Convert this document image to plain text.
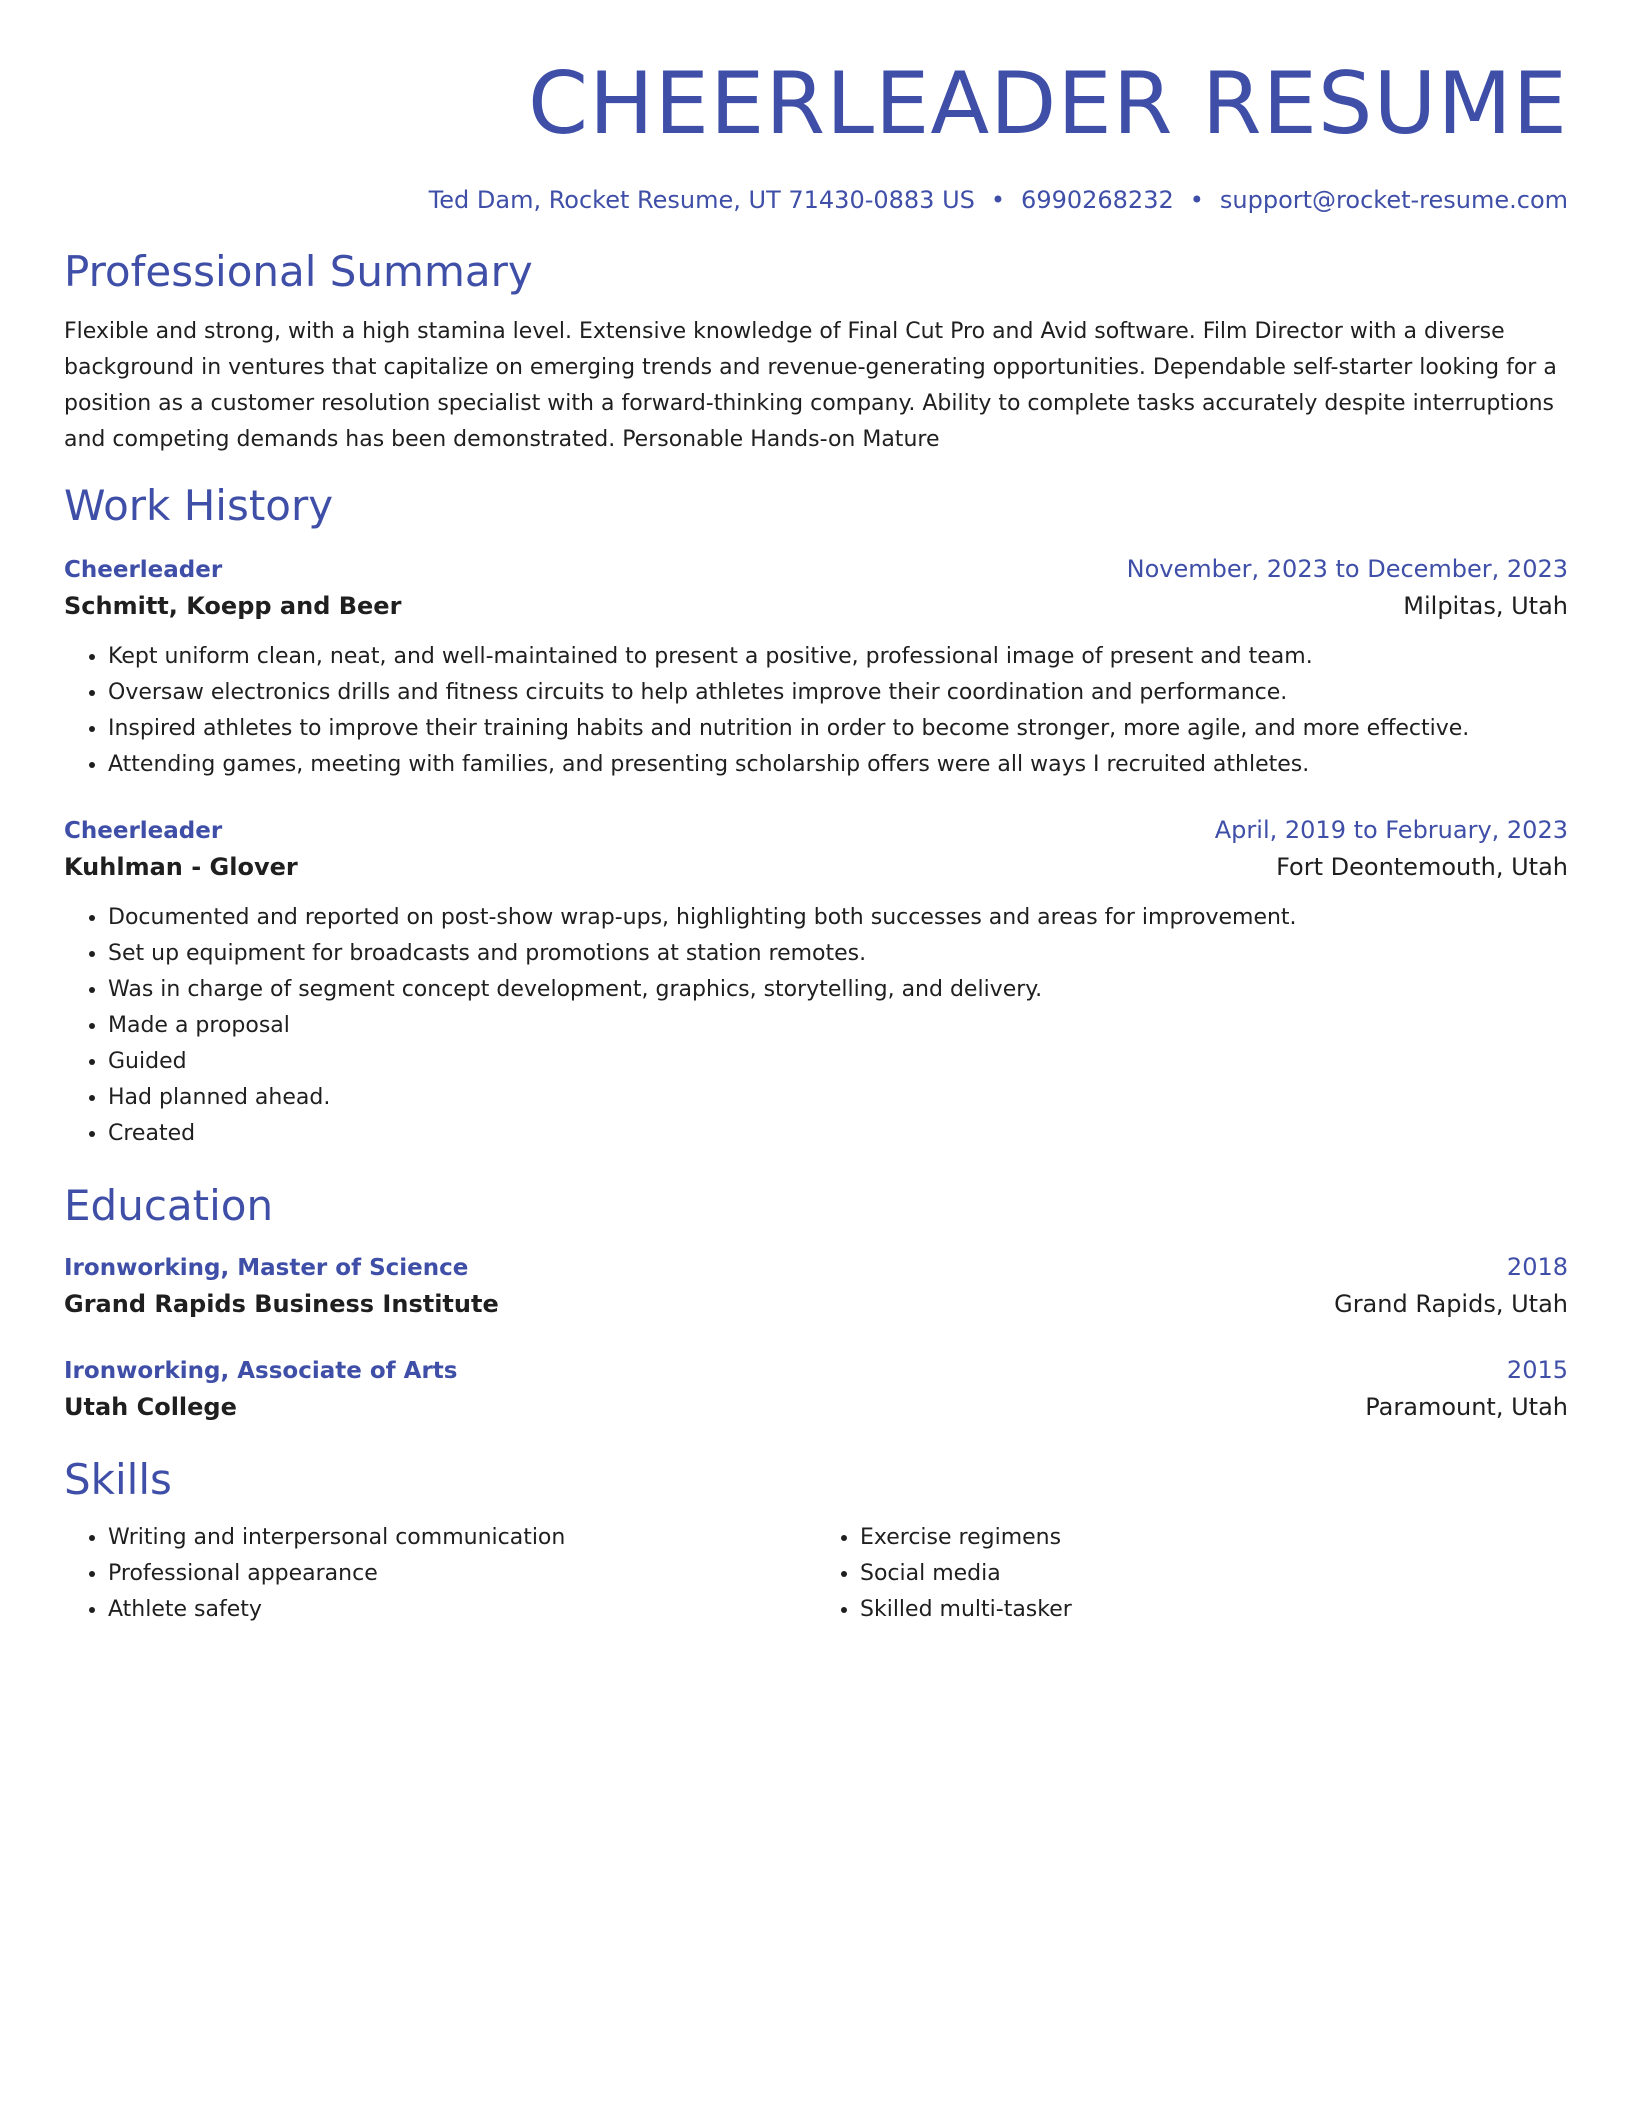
CHEERLEADER RESUME
Ted Dam, Rocket Resume, UT 71430-0883 US • 6990268232 • support@rocket-resume.com
Professional Summary
Flexible and strong, with a high stamina level. Extensive knowledge of Final Cut Pro and Avid software. Film Director with a diverse background in ventures that capitalize on emerging trends and revenue-generating opportunities. Dependable self-starter looking for a position as a customer resolution specialist with a forward-thinking company. Ability to complete tasks accurately despite interruptions and competing demands has been demonstrated. Personable Hands-on Mature
Work History
Cheerleader	November, 2023 to December, 2023
Schmitt, Koepp and Beer	Milpitas, Utah
• Kept uniform clean, neat, and well-maintained to present a positive, professional image of present and team.
• Oversaw electronics drills and fitness circuits to help athletes improve their coordination and performance.
• Inspired athletes to improve their training habits and nutrition in order to become stronger, more agile, and more effective.
• Attending games, meeting with families, and presenting scholarship offers were all ways I recruited athletes.
Cheerleader	April, 2019 to February, 2023
Kuhlman - Glover	Fort Deontemouth, Utah
• Documented and reported on post-show wrap-ups, highlighting both successes and areas for improvement.
• Set up equipment for broadcasts and promotions at station remotes.
• Was in charge of segment concept development, graphics, storytelling, and delivery.
• Made a proposal
• Guided
• Had planned ahead.
• Created
Education
Ironworking, Master of Science	2018
Grand Rapids Business Institute	Grand Rapids, Utah
Ironworking, Associate of Arts	2015
Utah College	Paramount, Utah
Skills
• Writing and interpersonal communication
• Professional appearance
• Athlete safety
• Exercise regimens
• Social media
• Skilled multi-tasker
